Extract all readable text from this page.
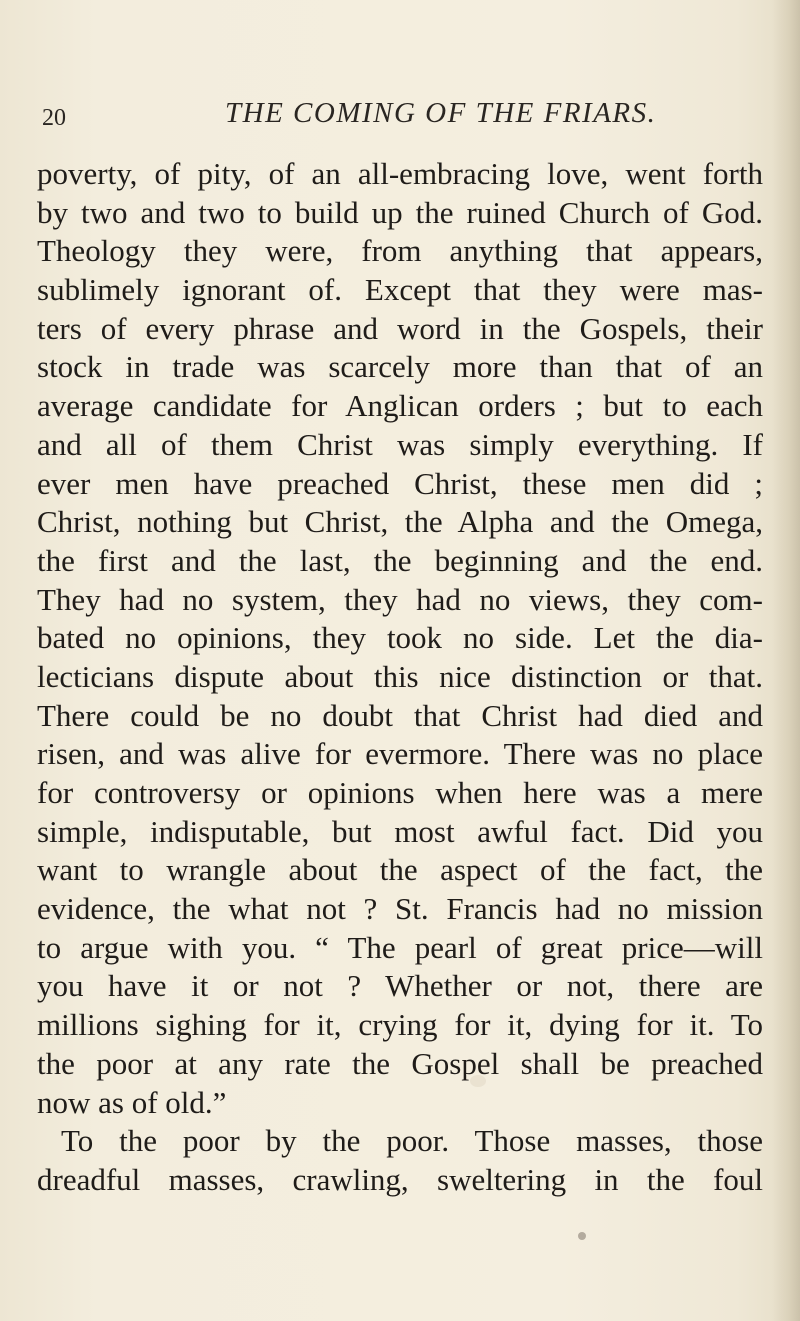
20	THE COMING OF THE FRIARS.
poverty, of pity, of an all-embracing love, went forth
by two and two to build up the ruined Church of God.
Theology they were, from anything that appears,
sublimely ignorant of. Except that they were mas-
ters of every phrase and word in the Gospels, their
stock in trade was scarcely more than that of an
average candidate for Anglican orders ; but to each
and all of them Christ was simply everything. If
ever men have preached Christ, these men did ;
Christ, nothing but Christ, the Alpha and the Omega,
the first and the last, the beginning and the end.
They had no system, they had no views, they com-
bated no opinions, they took no side. Let the dia-
lecticians dispute about this nice distinction or that.
There could be no doubt that Christ had died and
risen, and was alive for evermore. There was no place
for controversy or opinions when here was a mere
simple, indisputable, but most awful fact. Did you
want to wrangle about the aspect of the fact, the
evidence, the what not ? St. Francis had no mission
to argue with you. “ The pearl of great price—will
you have it or not ? Whether or not, there are
millions sighing for it, crying for it, dying for it. To
the poor at any rate the Gospel shall be preached
now as of old.”
To the poor by the poor. Those masses, those
dreadful masses, crawling, sweltering in the foul
